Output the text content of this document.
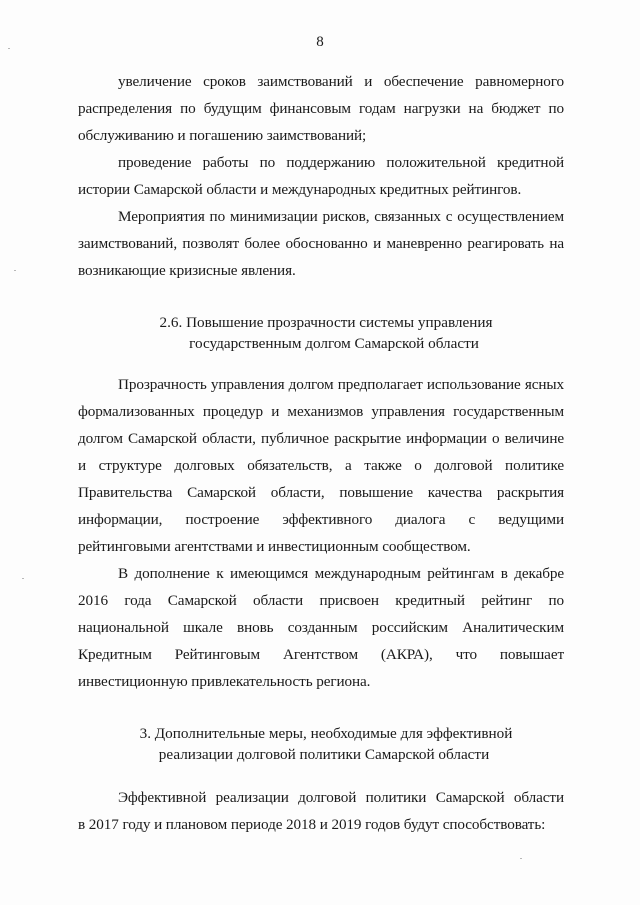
8
увеличение сроков заимствований и обеспечение равномерного
распределения по будущим финансовым годам нагрузки на бюджет по
обслуживанию и погашению заимствований;
проведение работы по поддержанию положительной кредитной
истории Самарской области и международных кредитных рейтингов.
Мероприятия по минимизации рисков, связанных с осуществлением
заимствований, позволят более обоснованно и маневренно реагировать на
возникающие кризисные явления.
2.6. Повышение прозрачности системы управления
государственным долгом Самарской области
Прозрачность управления долгом предполагает использование ясных
формализованных процедур и механизмов управления государственным
долгом Самарской области, публичное раскрытие информации о величине
и структуре долговых обязательств, а также о долговой политике
Правительства Самарской области, повышение качества раскрытия
информации, построение эффективного диалога с ведущими
рейтинговыми агентствами и инвестиционным сообществом.
В дополнение к имеющимся международным рейтингам в декабре
2016 года Самарской области присвоен кредитный рейтинг по
национальной шкале вновь созданным российским Аналитическим
Кредитным Рейтинговым Агентством (АКРА), что повышает
инвестиционную привлекательность региона.
3. Дополнительные меры, необходимые для эффективной
реализации долговой политики Самарской области
Эффективной реализации долговой политики Самарской области
в 2017 году и плановом периоде 2018 и 2019 годов будут способствовать:
